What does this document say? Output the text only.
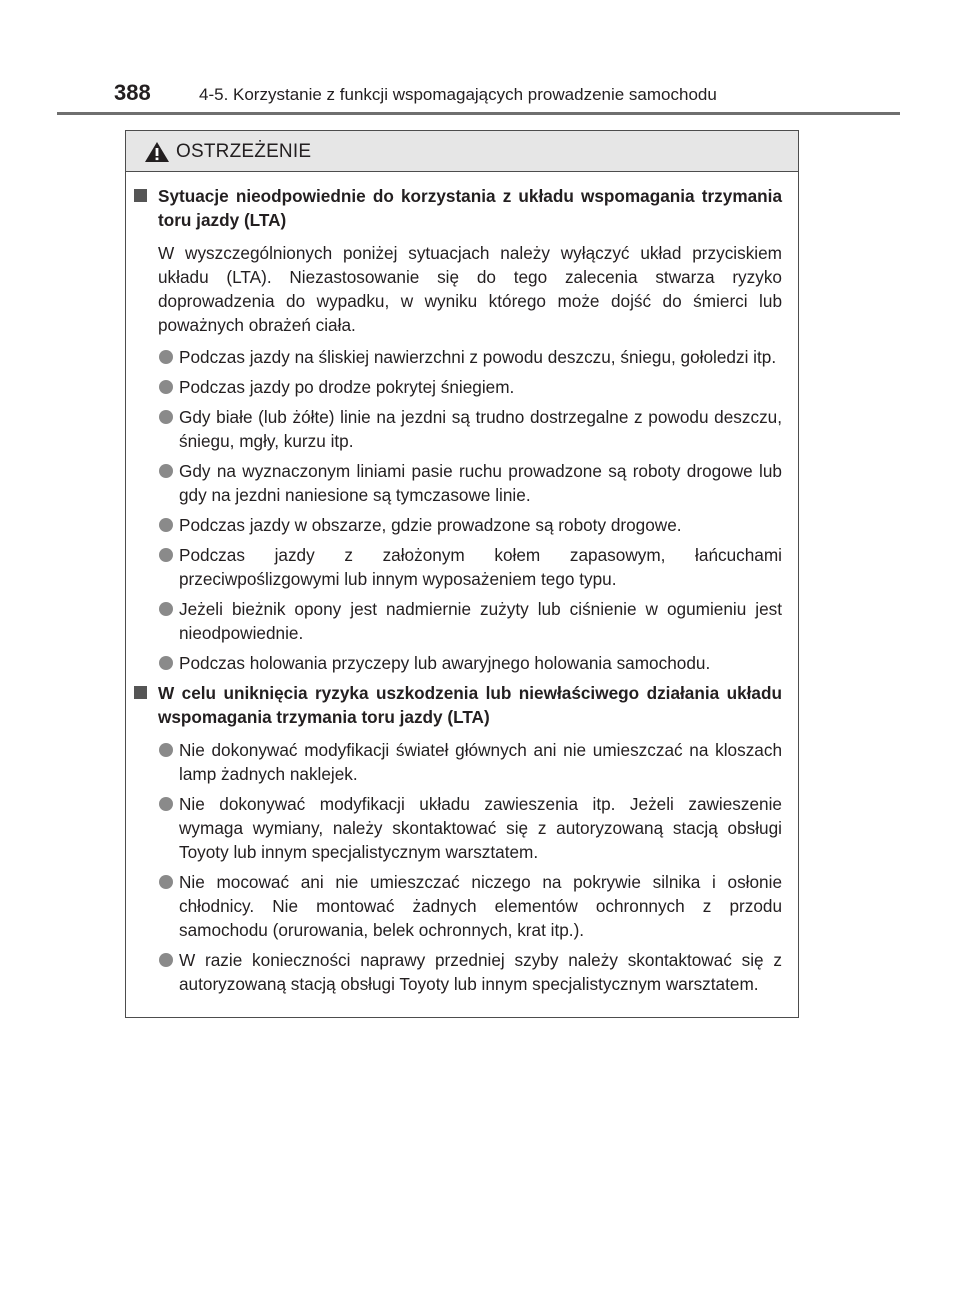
388	4-5. Korzystanie z funkcji wspomagających prowadzenie samochodu
OSTRZEŻENIE
Sytuacje nieodpowiednie do korzystania z układu wspomagania trzymania toru jazdy (LTA)
W wyszczególnionych poniżej sytuacjach należy wyłączyć układ przyciskiem układu (LTA). Niezastosowanie się do tego zalecenia stwarza ryzyko doprowadzenia do wypadku, w wyniku którego może dojść do śmierci lub poważnych obrażeń ciała.
Podczas jazdy na śliskiej nawierzchni z powodu deszczu, śniegu, gołoledzi itp.
Podczas jazdy po drodze pokrytej śniegiem.
Gdy białe (lub żółte) linie na jezdni są trudno dostrzegalne z powodu deszczu, śniegu, mgły, kurzu itp.
Gdy na wyznaczonym liniami pasie ruchu prowadzone są roboty drogowe lub gdy na jezdni naniesione są tymczasowe linie.
Podczas jazdy w obszarze, gdzie prowadzone są roboty drogowe.
Podczas jazdy z założonym kołem zapasowym, łańcuchami przeciwpoślizgowymi lub innym wyposażeniem tego typu.
Jeżeli bieżnik opony jest nadmiernie zużyty lub ciśnienie w ogumieniu jest nieodpowiednie.
Podczas holowania przyczepy lub awaryjnego holowania samochodu.
W celu uniknięcia ryzyka uszkodzenia lub niewłaściwego działania układu wspomagania trzymania toru jazdy (LTA)
Nie dokonywać modyfikacji świateł głównych ani nie umieszczać na kloszach lamp żadnych naklejek.
Nie dokonywać modyfikacji układu zawieszenia itp. Jeżeli zawieszenie wymaga wymiany, należy skontaktować się z autoryzowaną stacją obsługi Toyoty lub innym specjalistycznym warsztatem.
Nie mocować ani nie umieszczać niczego na pokrywie silnika i osłonie chłodnicy. Nie montować żadnych elementów ochronnych z przodu samochodu (orurowania, belek ochronnych, krat itp.).
W razie konieczności naprawy przedniej szyby należy skontaktować się z autoryzowaną stacją obsługi Toyoty lub innym specjalistycznym warsztatem.
